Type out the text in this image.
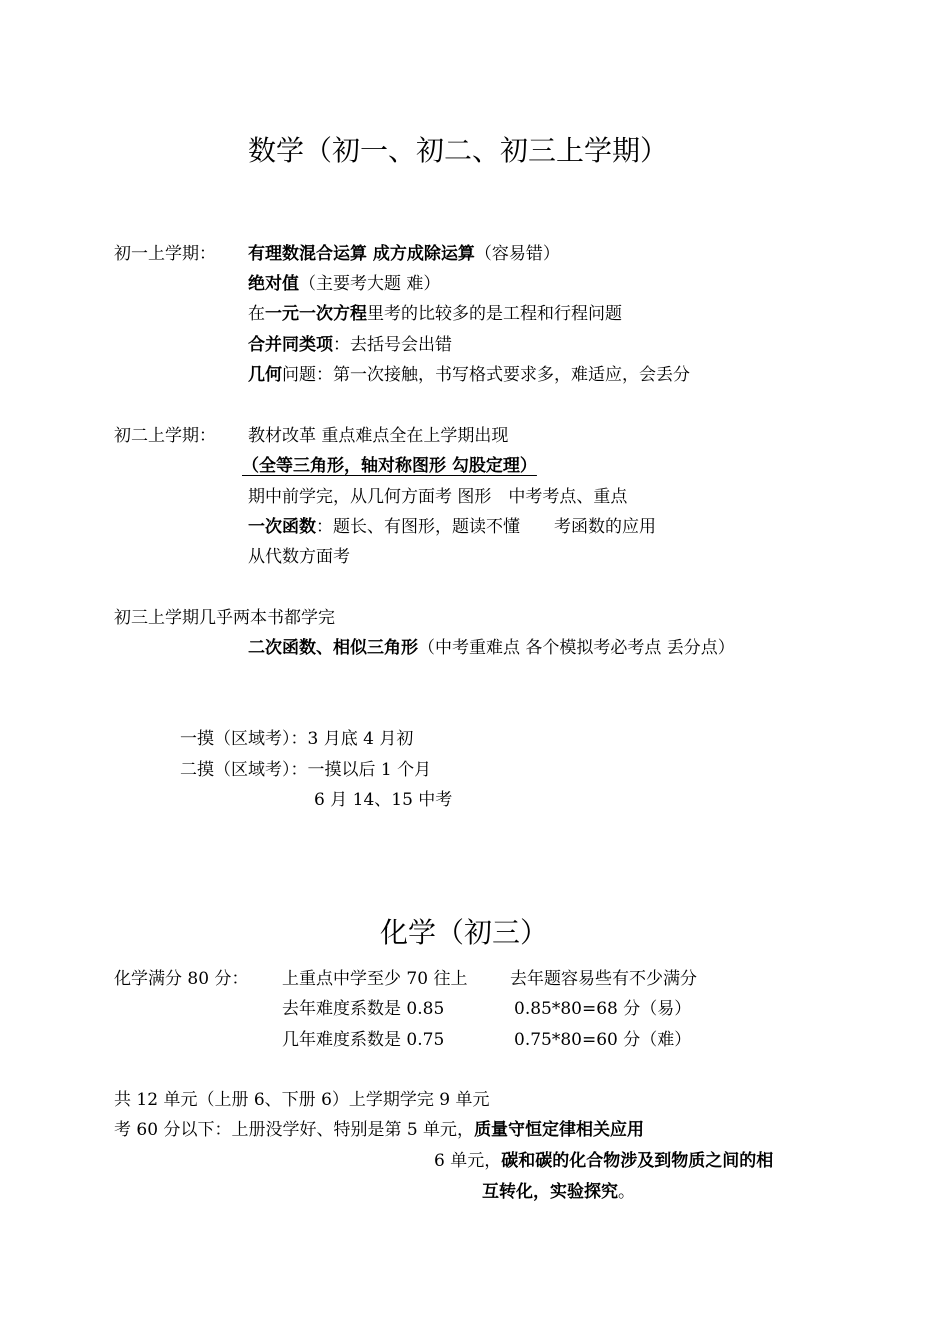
数学（初一、初二、初三上学期）
初一上学期： 有理数混合运算 成方成除运算（容易错）
绝对值（主要考大题 难）
在一元一次方程里考的比较多的是工程和行程问题
合并同类项：去括号会出错
几何问题：第一次接触，书写格式要求多，难适应，会丢分
初二上学期： 教材改革 重点难点全在上学期出现
（全等三角形，轴对称图形 勾股定理）
期中前学完，从几何方面考 图形　中考考点、重点
一次函数：题长、有图形，题读不懂　　考函数的应用
从代数方面考
初三上学期几乎两本书都学完
二次函数、相似三角形（中考重难点 各个模拟考必考点 丢分点）
一摸（区域考）：3 月底 4 月初
二摸（区域考）：一摸以后 1 个月
6 月 14、15 中考
化学（初三）
化学满分 80 分： 上重点中学至少 70 往上	去年题容易些有不少满分
去年难度系数是 0.85	0.85*80=68 分（易）
几年难度系数是 0.75	0.75*80=60 分（难）
共 12 单元（上册 6、下册 6）上学期学完 9 单元
考 60 分以下：上册没学好、特别是第 5 单元，质量守恒定律相关应用
6 单元，碳和碳的化合物涉及到物质之间的相
互转化，实验探究。
